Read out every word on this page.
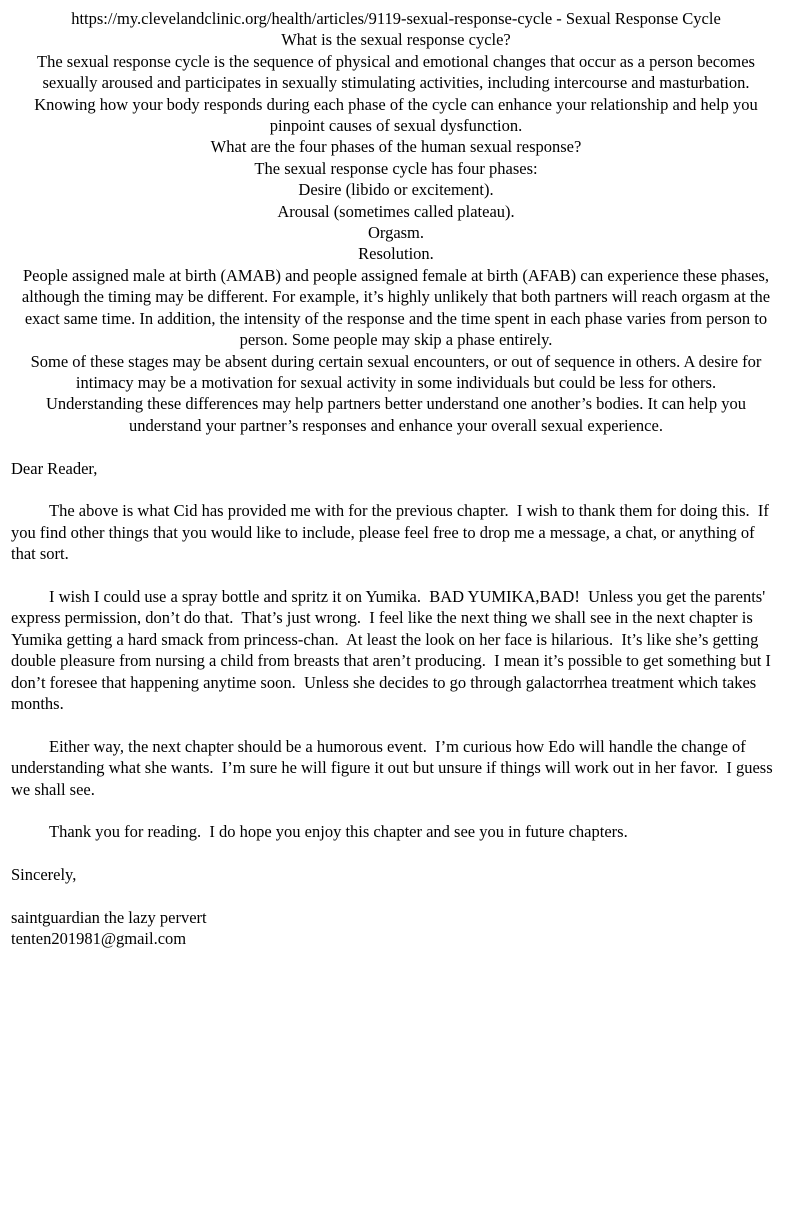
https://my.clevelandclinic.org/health/articles/9119-sexual-response-cycle - Sexual Response Cycle

What is the sexual response cycle?

The sexual response cycle is the sequence of physical and emotional changes that occur as a person becomes sexually aroused and participates in sexually stimulating activities, including intercourse and masturbation. Knowing how your body responds during each phase of the cycle can enhance your relationship and help you pinpoint causes of sexual dysfunction.

What are the four phases of the human sexual response?

The sexual response cycle has four phases:

Desire (libido or excitement).

Arousal (sometimes called plateau).

Orgasm.

Resolution.

People assigned male at birth (AMAB) and people assigned female at birth (AFAB) can experience these phases, although the timing may be different. For example, it’s highly unlikely that both partners will reach orgasm at the exact same time. In addition, the intensity of the response and the time spent in each phase varies from person to person. Some people may skip a phase entirely.

Some of these stages may be absent during certain sexual encounters, or out of sequence in others. A desire for intimacy may be a motivation for sexual activity in some individuals but could be less for others.

Understanding these differences may help partners better understand one another’s bodies. It can help you understand your partner’s responses and enhance your overall sexual experience.

Dear Reader,

The above is what Cid has provided me with for the previous chapter.  I wish to thank them for doing this.  If you find other things that you would like to include, please feel free to drop me a message, a chat, or anything of that sort.

I wish I could use a spray bottle and spritz it on Yumika.  BAD YUMIKA,BAD!  Unless you get the parents' express permission, don’t do that.  That’s just wrong.  I feel like the next thing we shall see in the next chapter is Yumika getting a hard smack from princess-chan.  At least the look on her face is hilarious.  It’s like she’s getting double pleasure from nursing a child from breasts that aren’t producing.  I mean it’s possible to get something but I don’t foresee that happening anytime soon.  Unless she decides to go through galactorrhea treatment which takes months.

Either way, the next chapter should be a humorous event.  I’m curious how Edo will handle the change of understanding what she wants.  I’m sure he will figure it out but unsure if things will work out in her favor.  I guess we shall see.

Thank you for reading.  I do hope you enjoy this chapter and see you in future chapters.

Sincerely,

saintguardian the lazy pervert

tenten201981@gmail.com
